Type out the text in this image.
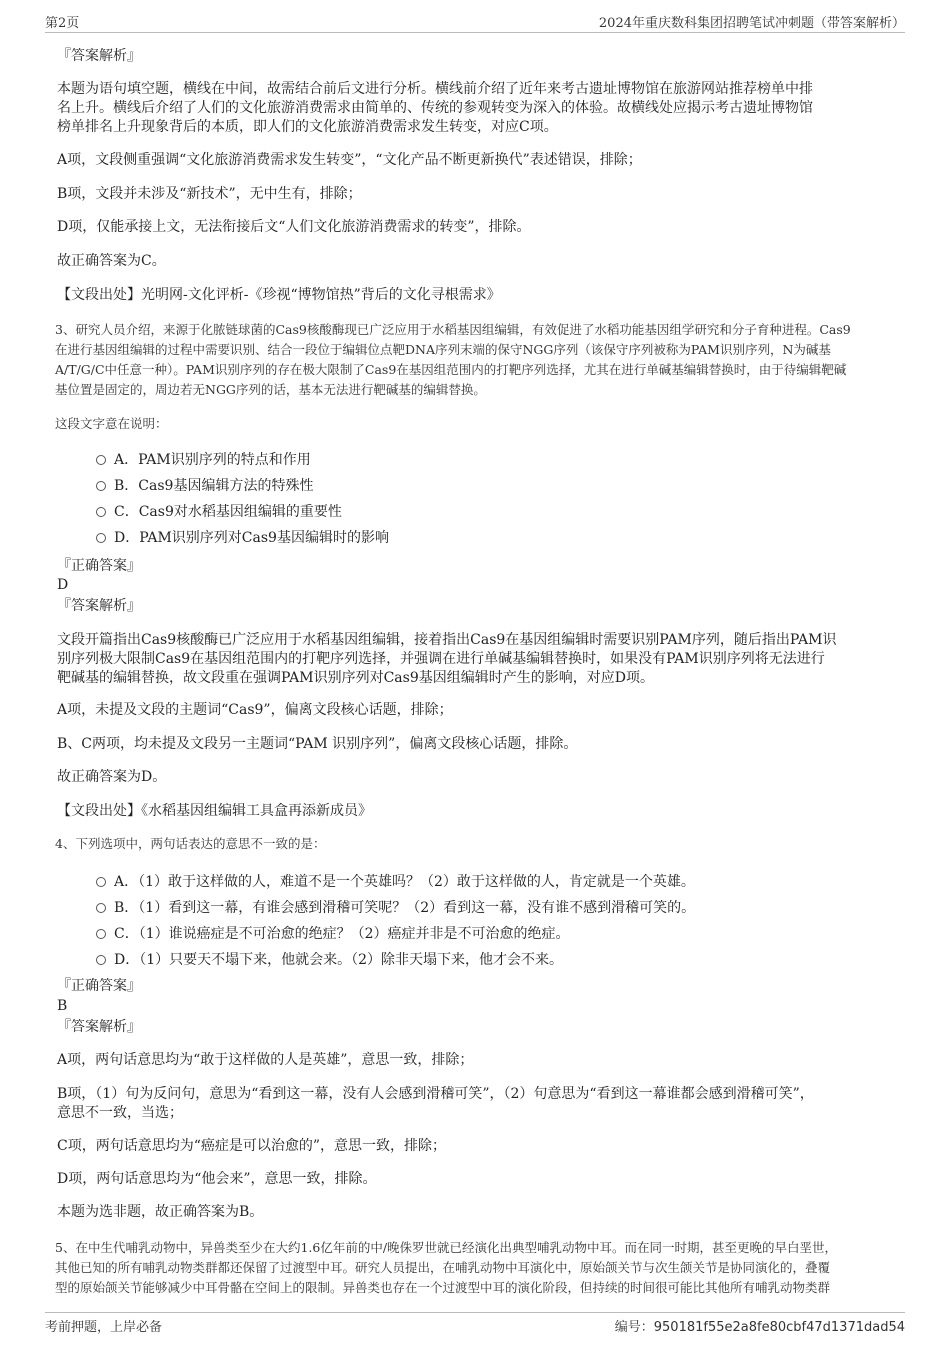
第2页	2024年重庆数科集团招聘笔试冲刺题（带答案解析）
『答案解析』
本题为语句填空题，横线在中间，故需结合前后文进行分析。横线前介绍了近年来考古遗址博物馆在旅游网站推荐榜单中排
名上升。横线后介绍了人们的文化旅游消费需求由简单的、传统的参观转变为深入的体验。故横线处应揭示考古遗址博物馆
榜单排名上升现象背后的本质，即人们的文化旅游消费需求发生转变，对应C项。
A项，文段侧重强调“文化旅游消费需求发生转变”，“文化产品不断更新换代”表述错误，排除；
B项，文段并未涉及“新技术”，无中生有，排除；
D项，仅能承接上文，无法衔接后文“人们文化旅游消费需求的转变”，排除。
故正确答案为C。
【文段出处】光明网-文化评析-《珍视“博物馆热”背后的文化寻根需求》
3、研究人员介绍，来源于化脓链球菌的Cas9核酸酶现已广泛应用于水稻基因组编辑，有效促进了水稻功能基因组学研究和分子育种进程。Cas9
在进行基因组编辑的过程中需要识别、结合一段位于编辑位点靶DNA序列末端的保守NGG序列（该保守序列被称为PAM识别序列，N为碱基
A/T/G/C中任意一种）。PAM识别序列的存在极大限制了Cas9在基因组范围内的打靶序列选择，尤其在进行单碱基编辑替换时，由于待编辑靶碱
基位置是固定的，周边若无NGG序列的话，基本无法进行靶碱基的编辑替换。
这段文字意在说明：
A．PAM识别序列的特点和作用
B．Cas9基因编辑方法的特殊性
C．Cas9对水稻基因组编辑的重要性
D．PAM识别序列对Cas9基因编辑时的影响
『正确答案』
D
『答案解析』
文段开篇指出Cas9核酸酶已广泛应用于水稻基因组编辑，接着指出Cas9在基因组编辑时需要识别PAM序列，随后指出PAM识
别序列极大限制Cas9在基因组范围内的打靶序列选择，并强调在进行单碱基编辑替换时，如果没有PAM识别序列将无法进行
靶碱基的编辑替换，故文段重在强调PAM识别序列对Cas9基因组编辑时产生的影响，对应D项。
A项，未提及文段的主题词“Cas9”，偏离文段核心话题，排除；
B、C两项，均未提及文段另一主题词“PAM 识别序列”，偏离文段核心话题，排除。
故正确答案为D。
【文段出处】《水稻基因组编辑工具盒再添新成员》
4、下列选项中，两句话表达的意思不一致的是：
A．（1）敢于这样做的人，难道不是一个英雄吗？（2）敢于这样做的人，肯定就是一个英雄。
B．（1）看到这一幕，有谁会感到滑稽可笑呢？（2）看到这一幕，没有谁不感到滑稽可笑的。
C．（1）谁说癌症是不可治愈的绝症？（2）癌症并非是不可治愈的绝症。
D．（1）只要天不塌下来，他就会来。（2）除非天塌下来，他才会不来。
『正确答案』
B
『答案解析』
A项，两句话意思均为“敢于这样做的人是英雄”，意思一致，排除；
B项，（1）句为反问句，意思为“看到这一幕，没有人会感到滑稽可笑”，（2）句意思为“看到这一幕谁都会感到滑稽可笑”，
意思不一致，当选；
C项，两句话意思均为“癌症是可以治愈的”，意思一致，排除；
D项，两句话意思均为“他会来”，意思一致，排除。
本题为选非题，故正确答案为B。
5、在中生代哺乳动物中，异兽类至少在大约1.6亿年前的中/晚侏罗世就已经演化出典型哺乳动物中耳。而在同一时期，甚至更晚的早白垩世，
其他已知的所有哺乳动物类群都还保留了过渡型中耳。研究人员提出，在哺乳动物中耳演化中，原始颌关节与次生颌关节是协同演化的，叠覆
型的原始颌关节能够减少中耳骨骼在空间上的限制。异兽类也存在一个过渡型中耳的演化阶段，但持续的时间很可能比其他所有哺乳动物类群
考前押题，上岸必备	编号：950181f55e2a8fe80cbf47d1371dad54
